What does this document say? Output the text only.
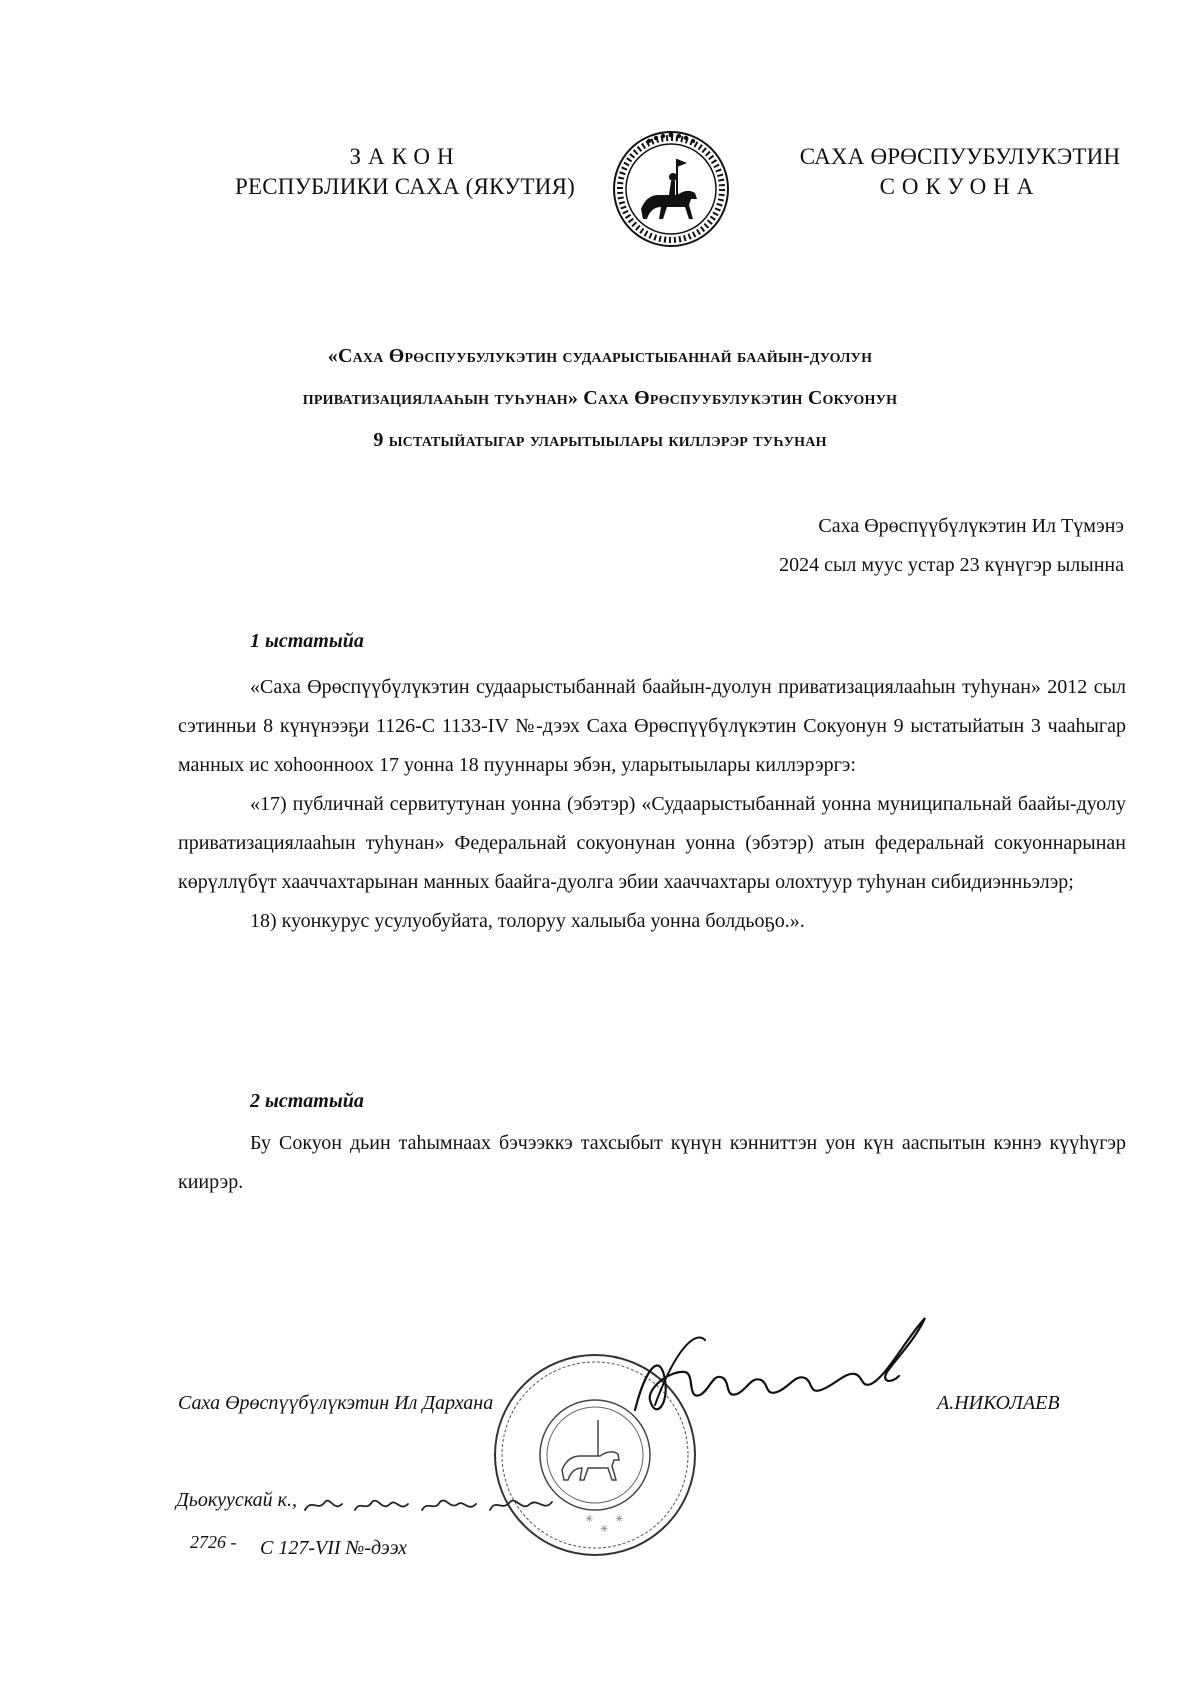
ЗАКОН
РЕСПУБЛИКИ САХА (ЯКУТИЯ)
САХА ӨРӨСПУУБУЛУКЭТИН
СОКУОНА
«Саха Өрөспуубулукэтин судаарыстыбаннай баайын-дуолун
приватизациялааһын туһунан» Саха Өрөспуубулукэтин Сокуонун
9 ыстатыйатыгар уларытыылары киллэрэр туһунан
Саха Өрөспүүбүлүкэтин Ил Түмэнэ
2024 сыл муус устар 23 күнүгэр ылынна
1 ыстатыйа

«Саха Өрөспүүбүлүкэтин судаарыстыбаннай баайын-дуолун приватизациялааһын туһунан» 2012 сыл сэтинньи 8 күнүнээҕи 1126-С 1133-IV №-дээх Саха Өрөспүүбүлүкэтин Сокуонун 9 ыстатыйатын 3 чааһыгар манных ис хоһоонноох 17 уонна 18 пууннары эбэн, уларытыылары киллэрэргэ:

«17) публичнай сервитутунан уонна (эбэтэр) «Судаарыстыбаннай уонна муниципальнай баайы-дуолу приватизациялааһын туһунан» Федеральнай сокуонунан уонна (эбэтэр) атын федеральнай сокуоннарынан көрүллүбүт хааччахтарынан манных баайга-дуолга эбии хааччахтары олохтуур туһунан сибидиэнньэлэр;

18) куонкурус усулуобуйата, толоруу халыыба уонна болдьоҕо.».

2 ыстатыйа

Бу Сокуон дьин таһымнаах бэчээккэ тахсыбыт күнүн кэнниттэн уон күн ааспытын кэннэ күүһүгэр киирэр.

✳
✳
✳
Саха Өрөспүүбүлүкэтин Ил Дархана	А.НИКОЛАЕВ
Дьокуускай к.,
2726 - С 127-VII №-дээх
